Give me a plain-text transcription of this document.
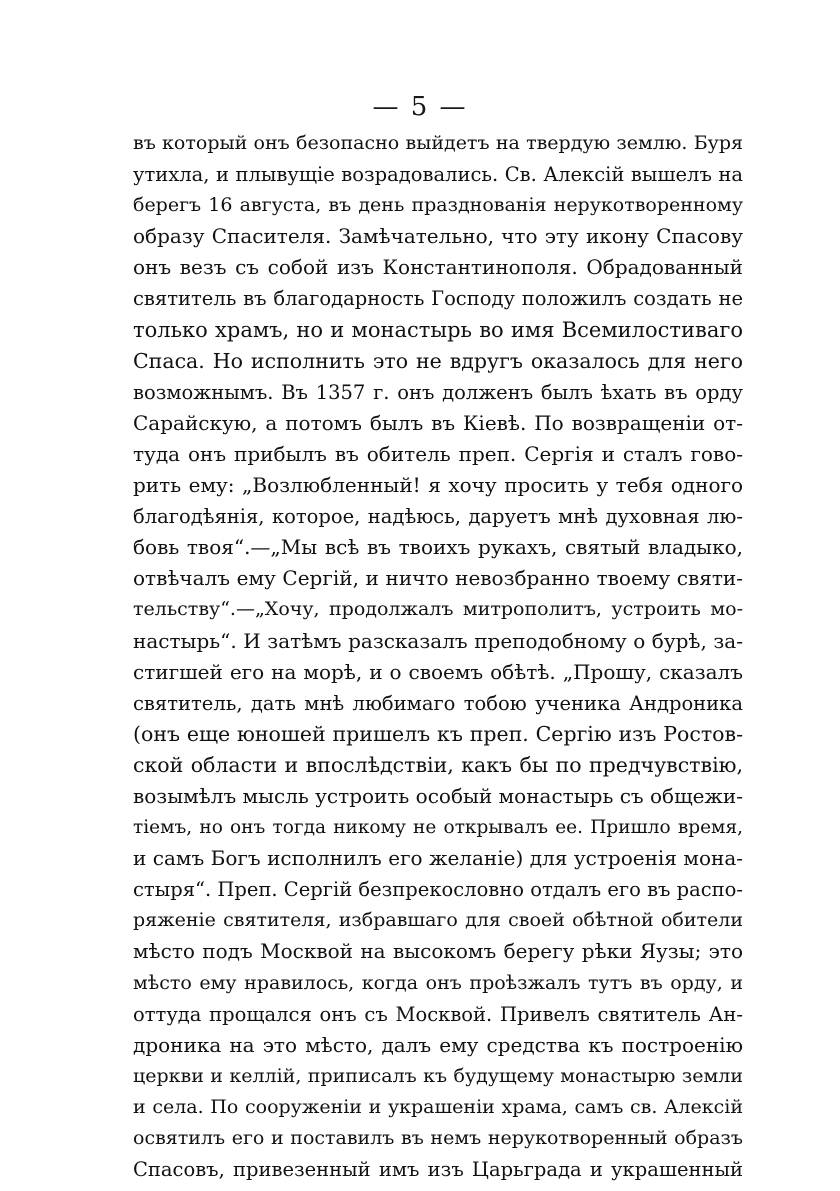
— 5 —
въ который онъ безопасно выйдетъ на твердую землю. Буря
утихла, и плывущіе возрадовались. Св. Алексій вышелъ на
берегъ 16 августа, въ день празднованія нерукотворенному
образу Спасителя. Замѣчательно, что эту икону Спасову
онъ везъ съ собой изъ Константинополя. Обрадованный
святитель въ благодарность Господу положилъ создать не
только храмъ, но и монастырь во имя Всемилостиваго
Спаса. Но исполнить это не вдругъ оказалось для него
возможнымъ. Въ 1357 г. онъ долженъ былъ ѣхать въ орду
Сарайскую, а потомъ былъ въ Кіевѣ. По возвращеніи от-
туда онъ прибылъ въ обитель преп. Сергія и сталъ гово-
рить ему: „Возлюбленный! я хочу просить у тебя одного
благодѣянія, которое, надѣюсь, даруетъ мнѣ духовная лю-
бовь твоя“.—„Мы всѣ въ твоихъ рукахъ, святый владыко,
отвѣчалъ ему Сергій, и ничто невозбранно твоему святи-
тельству“.—„Хочу, продолжалъ митрополитъ, устроить мо-
настырь“. И затѣмъ разсказалъ преподобному о бурѣ, за-
стигшей его на морѣ, и о своемъ обѣтѣ. „Прошу, сказалъ
святитель, дать мнѣ любимаго тобою ученика Андроника
(онъ еще юношей пришелъ къ преп. Сергію изъ Ростов-
ской области и впослѣдствіи, какъ бы по предчувствію,
возымѣлъ мысль устроить особый монастырь съ общежи-
тіемъ, но онъ тогда никому не открывалъ ее. Пришло время,
и самъ Богъ исполнилъ его желаніе) для устроенія мона-
стыря“. Преп. Сергій безпрекословно отдалъ его въ распо-
ряженіе святителя, избравшаго для своей обѣтной обители
мѣсто подъ Москвой на высокомъ берегу рѣки Яузы; это
мѣсто ему нравилось, когда онъ проѣзжалъ тутъ въ орду, и
оттуда прощался онъ съ Москвой. Привелъ святитель Ан-
дроника на это мѣсто, далъ ему средства къ построенію
церкви и келлій, приписалъ къ будущему монастырю земли
и села. По сооруженіи и украшеніи храма, самъ св. Алексій
освятилъ его и поставилъ въ немъ нерукотворенный образъ
Спасовъ, привезенный имъ изъ Царьграда и украшенный
